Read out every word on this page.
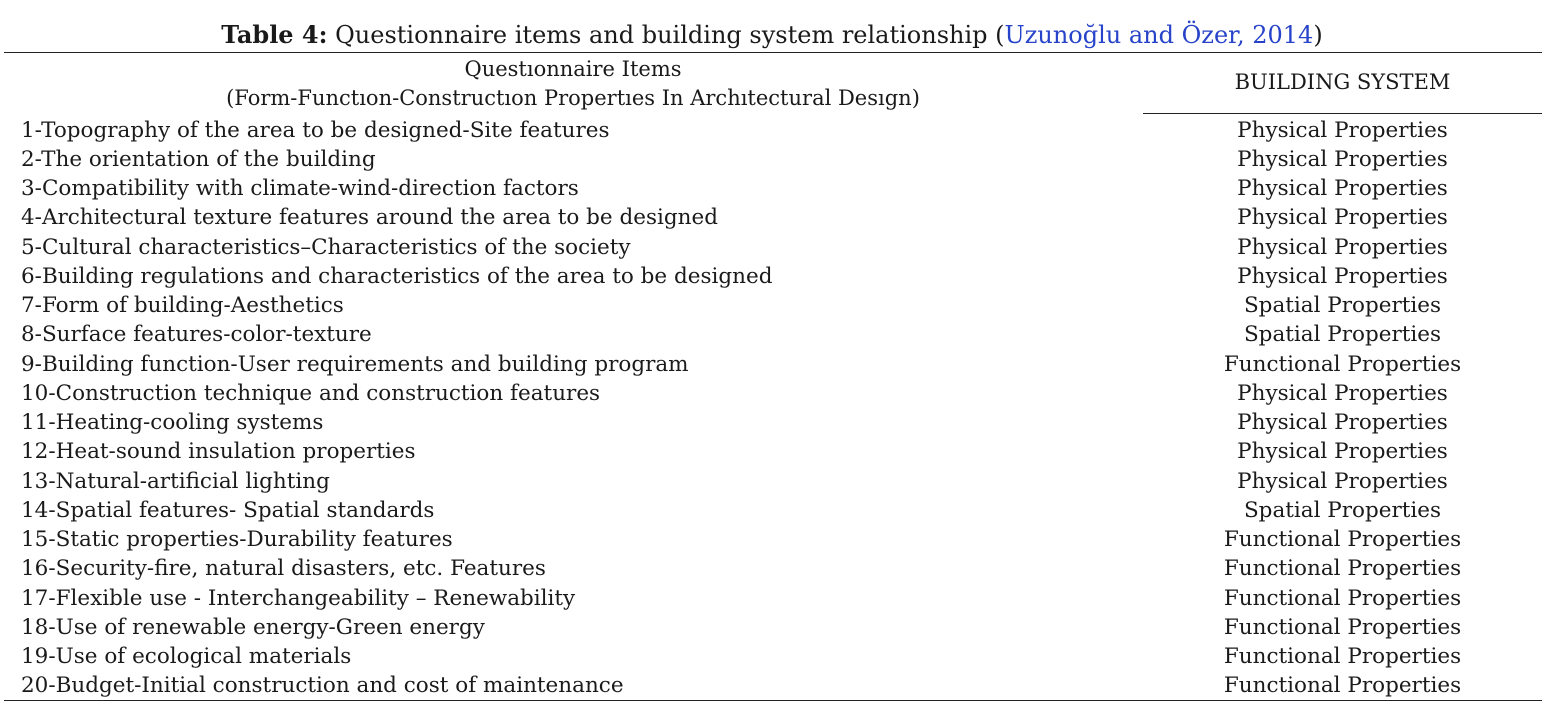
Table 4: Questionnaire items and building system relationship (Uzunoğlu and Özer, 2014)
Questıonnaire Items
(Form-Functıon-Constructıon Propertıes In Archıtectural Desıgn)
BUILDING SYSTEM
1-Topography of the area to be designed-Site features	Physical Properties
2-The orientation of the building	Physical Properties
3-Compatibility with climate-wind-direction factors	Physical Properties
4-Architectural texture features around the area to be designed	Physical Properties
5-Cultural characteristics–Characteristics of the society	Physical Properties
6-Building regulations and characteristics of the area to be designed	Physical Properties
7-Form of building-Aesthetics	Spatial Properties
8-Surface features-color-texture	Spatial Properties
9-Building function-User requirements and building program	Functional Properties
10-Construction technique and construction features	Physical Properties
11-Heating-cooling systems	Physical Properties
12-Heat-sound insulation properties	Physical Properties
13-Natural-artificial lighting	Physical Properties
14-Spatial features- Spatial standards	Spatial Properties
15-Static properties-Durability features	Functional Properties
16-Security-fire, natural disasters, etc. Features	Functional Properties
17-Flexible use - Interchangeability – Renewability	Functional Properties
18-Use of renewable energy-Green energy	Functional Properties
19-Use of ecological materials	Functional Properties
20-Budget-Initial construction and cost of maintenance	Functional Properties
